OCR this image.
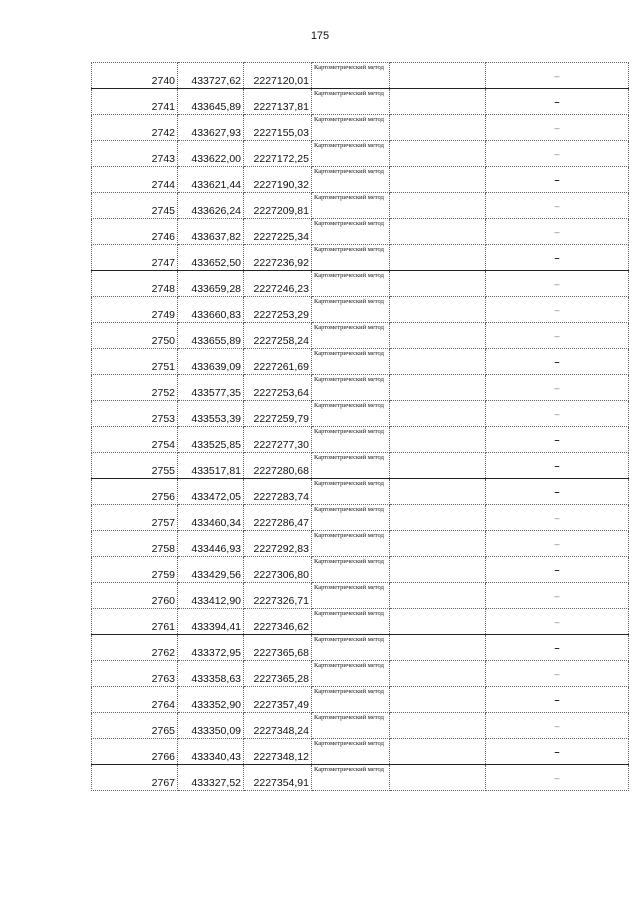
175
2740	433727,62	2227120,01	Картометрический метод		–
2741	433645,89	2227137,81	Картометрический метод		–
2742	433627,93	2227155,03	Картометрический метод		–
2743	433622,00	2227172,25	Картометрический метод		–
2744	433621,44	2227190,32	Картометрический метод		–
2745	433626,24	2227209,81	Картометрический метод		–
2746	433637,82	2227225,34	Картометрический метод		–
2747	433652,50	2227236,92	Картометрический метод		–
2748	433659,28	2227246,23	Картометрический метод		–
2749	433660,83	2227253,29	Картометрический метод		–
2750	433655,89	2227258,24	Картометрический метод		–
2751	433639,09	2227261,69	Картометрический метод		–
2752	433577,35	2227253,64	Картометрический метод		–
2753	433553,39	2227259,79	Картометрический метод		–
2754	433525,85	2227277,30	Картометрический метод		–
2755	433517,81	2227280,68	Картометрический метод		–
2756	433472,05	2227283,74	Картометрический метод		–
2757	433460,34	2227286,47	Картометрический метод		–
2758	433446,93	2227292,83	Картометрический метод		–
2759	433429,56	2227306,80	Картометрический метод		–
2760	433412,90	2227326,71	Картометрический метод		–
2761	433394,41	2227346,62	Картометрический метод		–
2762	433372,95	2227365,68	Картометрический метод		–
2763	433358,63	2227365,28	Картометрический метод		–
2764	433352,90	2227357,49	Картометрический метод		–
2765	433350,09	2227348,24	Картометрический метод		–
2766	433340,43	2227348,12	Картометрический метод		–
2767	433327,52	2227354,91	Картометрический метод		–
